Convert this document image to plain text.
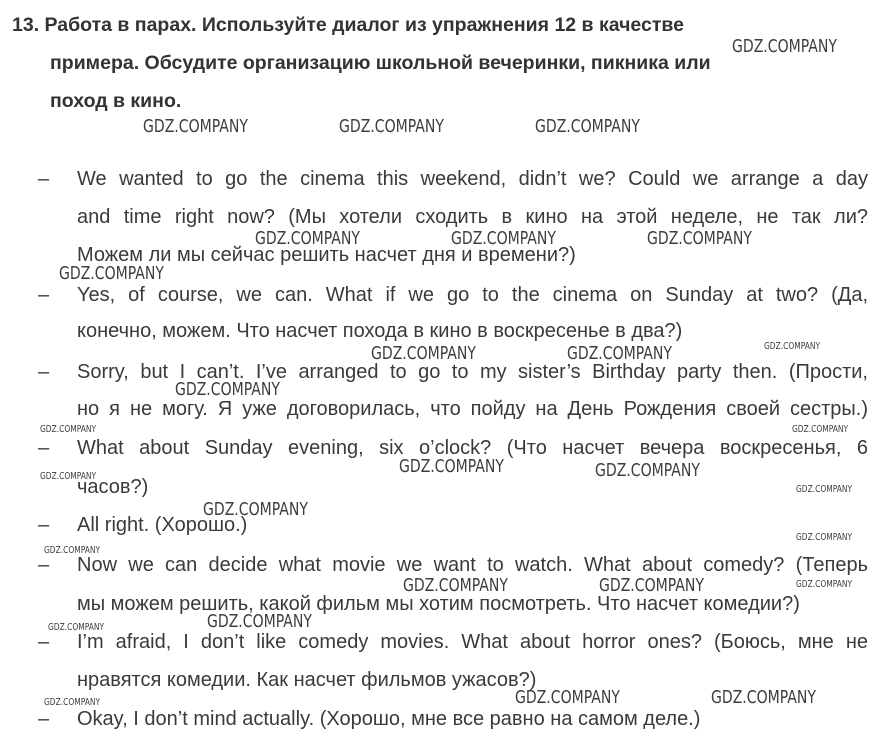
13. Работа в парах. Используйте диалог из упражнения 12 в качестве
примера. Обсудите организацию школьной вечеринки, пикника или
поход в кино.
– We wanted to go the cinema this weekend, didn’t we? Could we arrange a day
and time right now? (Мы хотели сходить в кино на этой неделе, не так ли?
Можем ли мы сейчас решить насчет дня и времени?)
– Yes, of course, we can. What if we go to the cinema on Sunday at two? (Да,
конечно, можем. Что насчет похода в кино в воскресенье в два?)
– Sorry, but I can’t. I’ve arranged to go to my sister’s Birthday party then. (Прости,
но я не могу. Я уже договорилась, что пойду на День Рождения своей сестры.)
– What about Sunday evening, six o’clock? (Что насчет вечера воскресенья, 6
часов?)
– All right. (Хорошо.)
– Now we can decide what movie we want to watch. What about comedy? (Теперь
мы можем решить, какой фильм мы хотим посмотреть. Что насчет комедии?)
– I’m afraid, I don’t like comedy movies. What about horror ones? (Боюсь, мне не
нравятся комедии. Как насчет фильмов ужасов?)
– Okay, I don’t mind actually. (Хорошо, мне все равно на самом деле.)
GDZ.COMPANY
GDZ.COMPANY	GDZ.COMPANY	GDZ.COMPANY
GDZ.COMPANY	GDZ.COMPANY	GDZ.COMPANY
GDZ.COMPANY
GDZ.COMPANY	GDZ.COMPANY	GDZ.COMPANY
GDZ.COMPANY
GDZ.COMPANY	GDZ.COMPANY
GDZ.COMPANY	GDZ.COMPANY
GDZ.COMPANY
GDZ.COMPANY
GDZ.COMPANY
GDZ.COMPANY
GDZ.COMPANY
GDZ.COMPANY	GDZ.COMPANY	GDZ.COMPANY
GDZ.COMPANY
GDZ.COMPANY
GDZ.COMPANY	GDZ.COMPANY
GDZ.COMPANY
